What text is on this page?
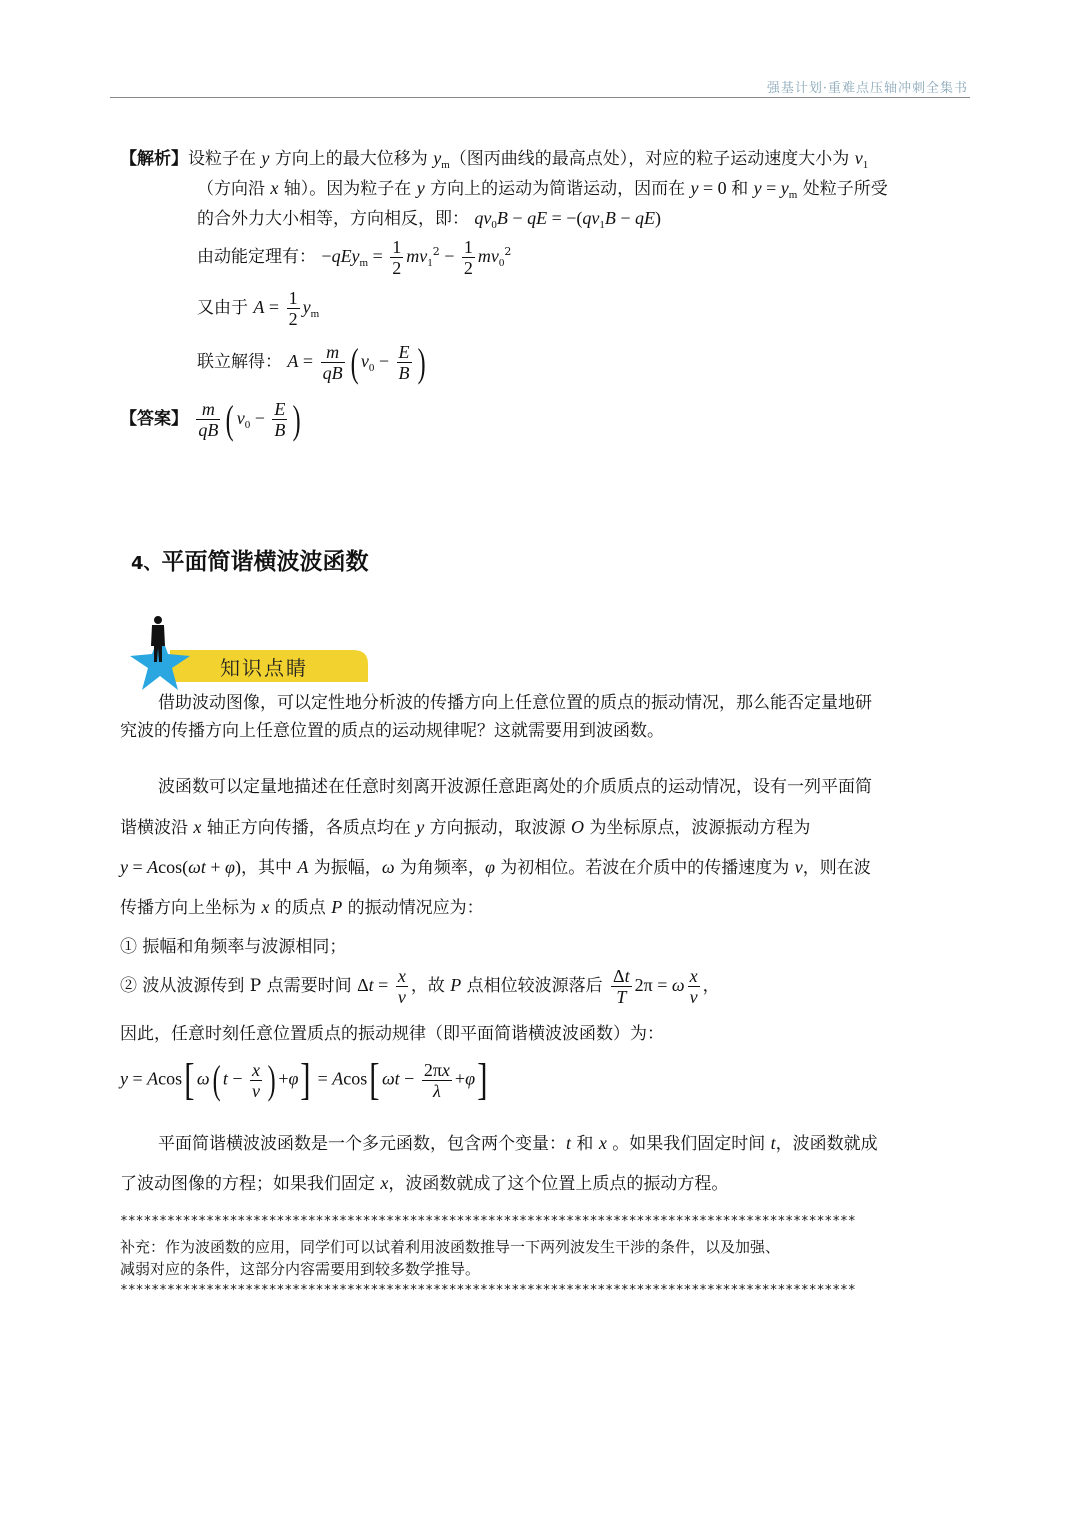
强基计划·重难点压轴冲刺全集书
【解析】设粒子在 y 方向上的最大位移为 $y_m$（图丙曲线的最高点处），对应的粒子运动速度大小为 $v_1$
（方向沿 x 轴）。因为粒子在 y 方向上的运动为简谐运动，因而在 y = 0 和 $y = y_m$ 处粒子所受
的合外力大小相等，方向相反，即： $qv_0B$ − qE = $-(qv_1B - qE)$
由动能定理有： $-qEy_m = \frac{1}{2} mv_1^2 - \frac{1}{2} mv_0^2$
又由于 $A = \frac{1}{2} y_m$
联立解得： $A = \frac{m}{qB}$ ( $v_0 - \frac{E}{B}$ )
【答案】 $\frac{m}{qB}$ ( $v_0 - \frac{E}{B}$ )
4、平面简谐横波波函数
知识点睛
借助波动图像，可以定性地分析波的传播方向上任意位置的质点的振动情况，那么能否定量地研
究波的传播方向上任意位置的质点的运动规律呢？这就需要用到波函数。
波函数可以定量地描述在任意时刻离开波源任意距离处的介质质点的运动情况，设有一列平面简
谐横波沿 x 轴正方向传播，各质点均在 y 方向振动，取波源 O 为坐标原点，波源振动方程为
y = Acos(ωt + φ)，其中 A 为振幅，ω 为角频率，φ 为初相位。若波在介质中的传播速度为 v，则在波
传播方向上坐标为 x 的质点 P 的振动情况应为：
① 振幅和角频率与波源相同；
② 波从波源传到 P 点需要时间 $\Delta t = \frac{x}{v}$ ，故 P 点相位较波源落后 $\frac{\Delta t}{T} 2\pi = \omega \frac{x}{v}$ ，
因此，任意时刻任意位置质点的振动规律（即平面简谐横波波函数）为：
y = Acos[ ω( $t - \frac{x}{v}$ ) +φ] = Acos[ $\omega t - \frac{2\pi x}{\lambda} +\varphi$]
平面简谐横波波函数是一个多元函数，包含两个变量：t 和 x 。如果我们固定时间 t，波函数就成
了波动图像的方程；如果我们固定 x，波函数就成了这个位置上质点的振动方程。
**********************************************************************************************
补充：作为波函数的应用，同学们可以试着利用波函数推导一下两列波发生干涉的条件，以及加强、
减弱对应的条件，这部分内容需要用到较多数学推导。
**********************************************************************************************
